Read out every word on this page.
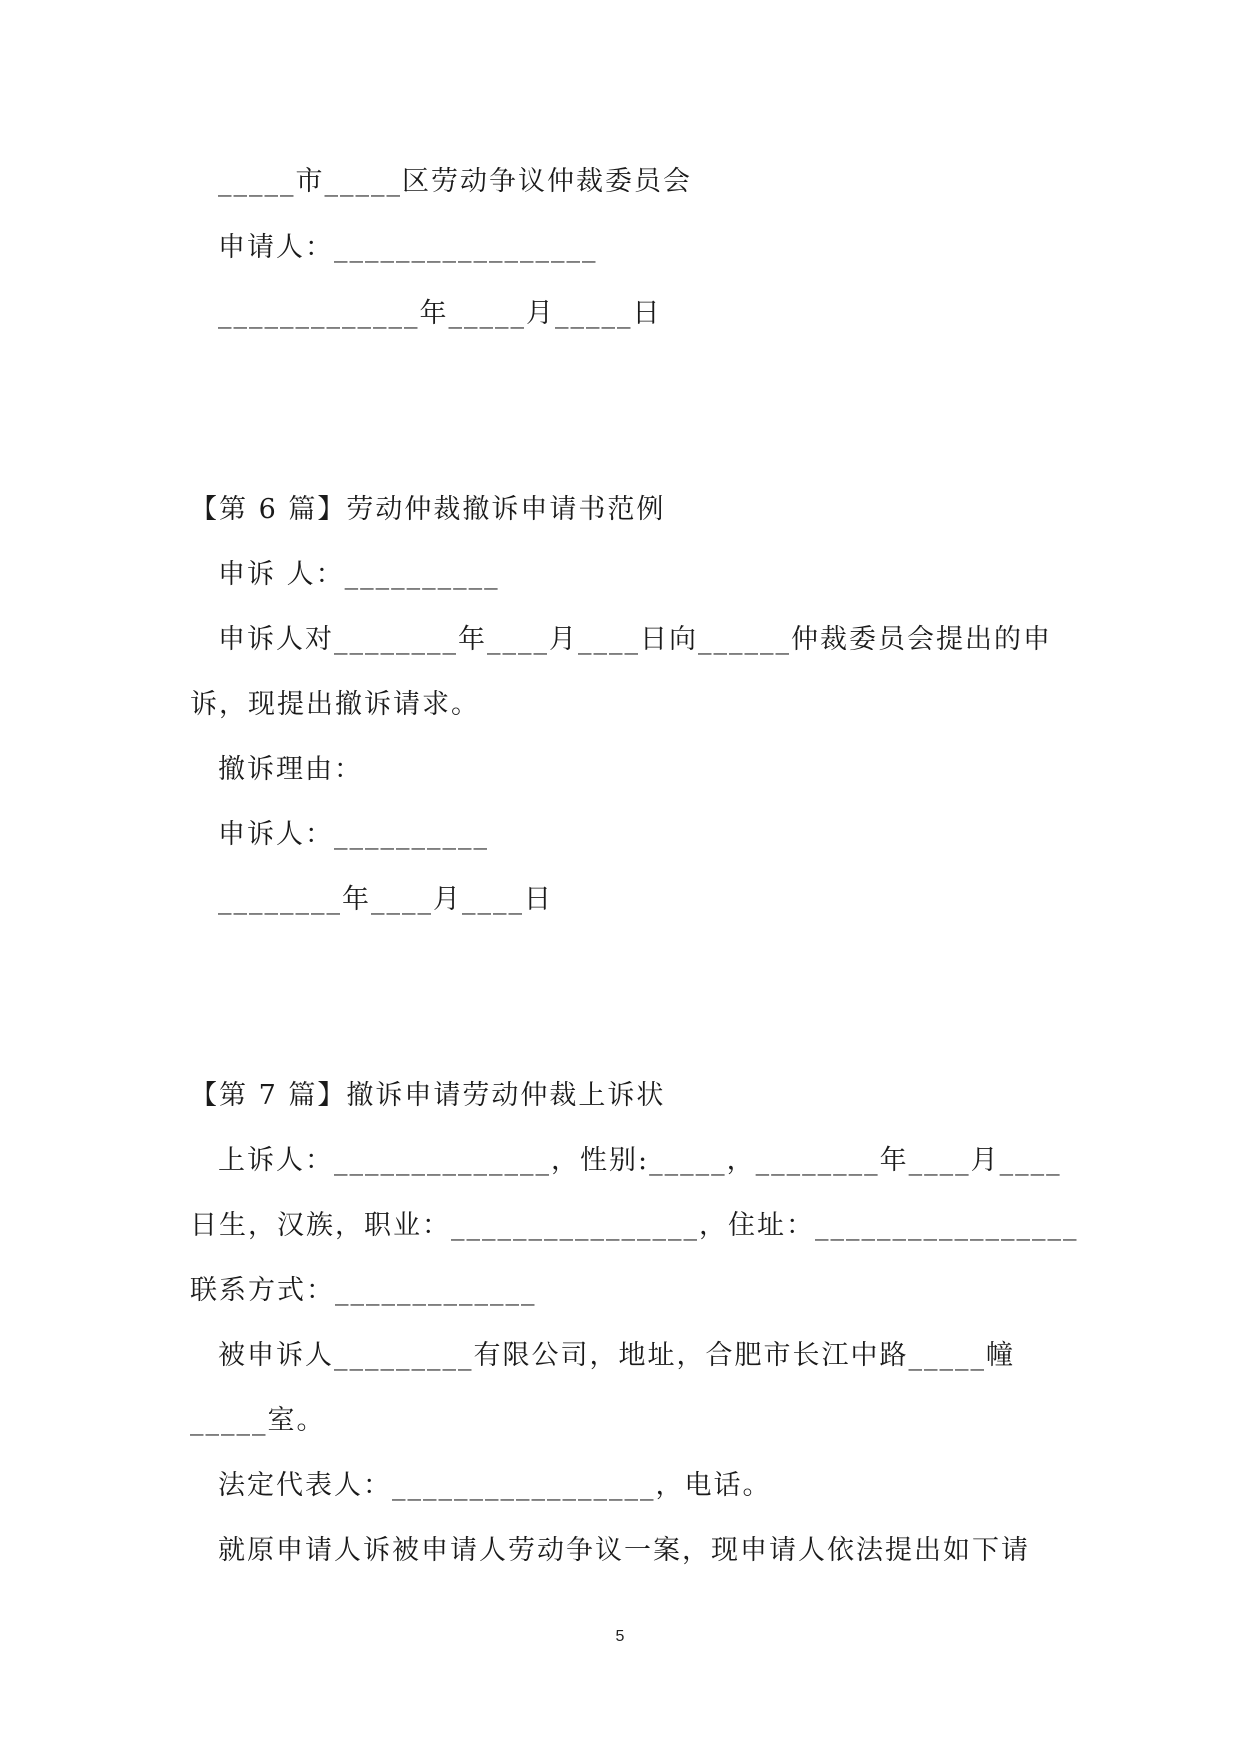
_____市_____区劳动争议仲裁委员会
申请人：_________________
_____________年_____月_____日
【第 6 篇】劳动仲裁撤诉申请书范例
申诉 人：__________
申诉人对________年____月____日向______仲裁委员会提出的申
诉，现提出撤诉请求。
撤诉理由：
申诉人：__________
________年____月____日
【第 7 篇】撤诉申请劳动仲裁上诉状
上诉人：______________，性别:_____，________年____月____
日生，汉族，职业：________________，住址：_________________
联系方式：_____________
被申诉人_________有限公司，地址，合肥市长江中路_____幢
_____室。
法定代表人：_________________，电话。
就原申请人诉被申请人劳动争议一案，现申请人依法提出如下请
5
